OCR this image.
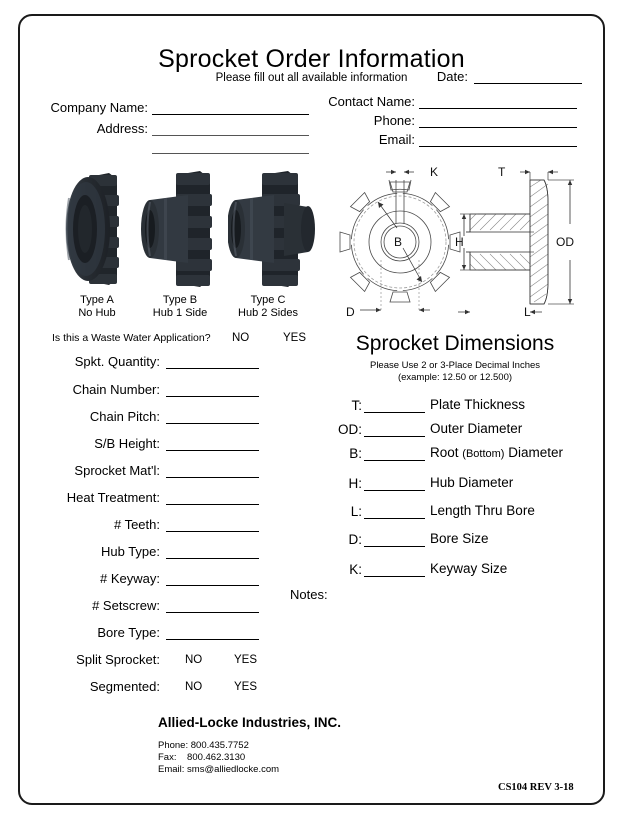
Sprocket Order Information
Please fill out all available information	Date:
Company Name:
Address:
Contact Name:
Phone:
Email:
Type A
No Hub
Type B
Hub 1 Side
Type C
Hub 2 Sides
K
B
D
T
H	OD
L
Is this a Waste Water Application? NO	YES
Spkt. Quantity:
Chain Number:
Chain Pitch:
S/B Height:
Sprocket Mat'l:
Heat Treatment:
# Teeth:
Hub Type:
# Keyway:
# Setscrew:
Bore Type:
Split Sprocket: NO	YES
Segmented: NO	YES
Sprocket Dimensions
Please Use 2 or 3-Place Decimal Inches
(example: 12.50 or 12.500)
T:	Plate Thickness
OD:	Outer Diameter
B:	Root (Bottom) Diameter
H:	Hub Diameter
L:	Length Thru Bore
D:	Bore Size
K:	Keyway Size
Notes:
Allied-Locke Industries, INC.
Phone: 800.435.7752
Fax:    800.462.3130
Email: sms@alliedlocke.com
CS104 REV 3-18
